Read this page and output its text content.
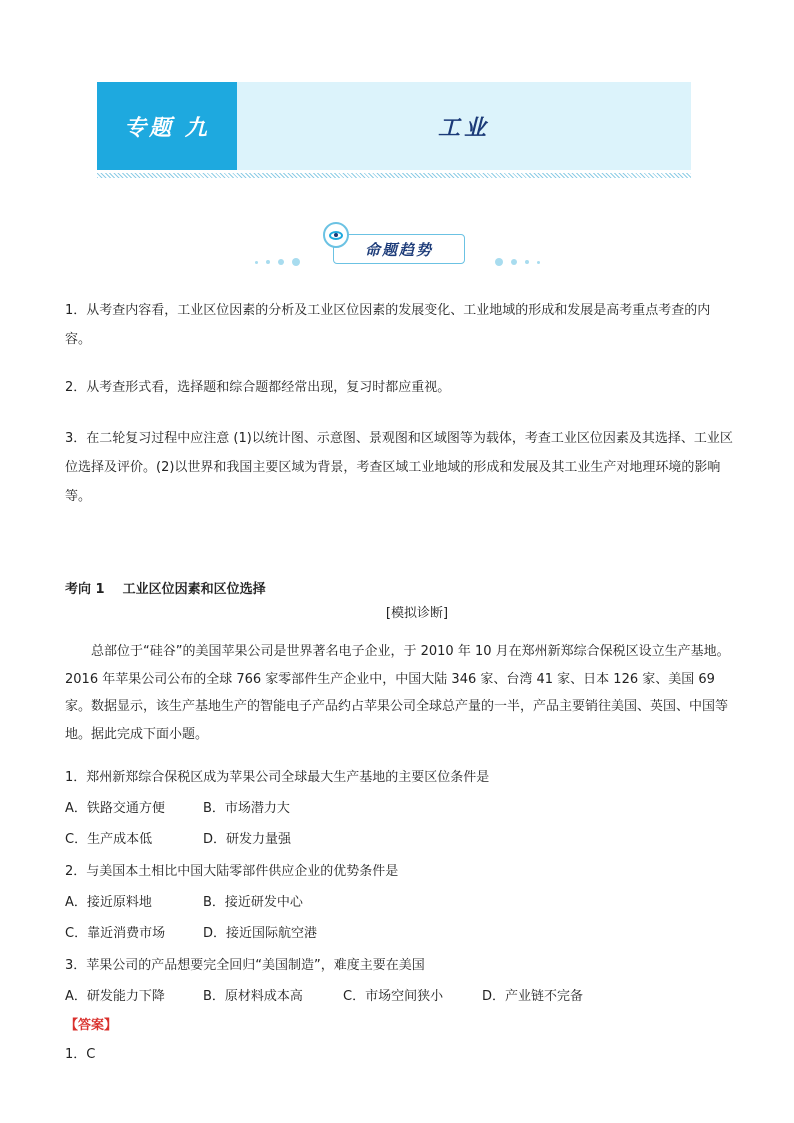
专题 九	工业
命题趋势

1．从考查内容看，工业区位因素的分析及工业区位因素的发展变化、工业地域的形成和发展是高考重点考查的内容。

2．从考查形式看，选择题和综合题都经常出现，复习时都应重视。

3．在二轮复习过程中应注意 (1)以统计图、示意图、景观图和区域图等为载体，考查工业区位因素及其选择、工业区位选择及评价。(2)以世界和我国主要区域为背景，考查区域工业地域的形成和发展及其工业生产对地理环境的影响等。

考向 1 工业区位因素和区位选择
[模拟诊断]

总部位于“硅谷”的美国苹果公司是世界著名电子企业，于 2010 年 10 月在郑州新郑综合保税区设立生产基地。2016 年苹果公司公布的全球 766 家零部件生产企业中，中国大陆 346 家、台湾 41 家、日本 126 家、美国 69 家。数据显示，该生产基地生产的智能电子产品约占苹果公司全球总产量的一半，产品主要销往美国、英国、中国等地。据此完成下面小题。

1．郑州新郑综合保税区成为苹果公司全球最大生产基地的主要区位条件是
A．铁路交通方便	B．市场潜力大
C．生产成本低	D．研发力量强
2．与美国本土相比中国大陆零部件供应企业的优势条件是
A．接近原料地	B．接近研发中心
C．靠近消费市场	D．接近国际航空港
3．苹果公司的产品想要完全回归“美国制造”，难度主要在美国
A．研发能力下降	B．原材料成本高	C．市场空间狭小	D．产业链不完备
【答案】
1．C
